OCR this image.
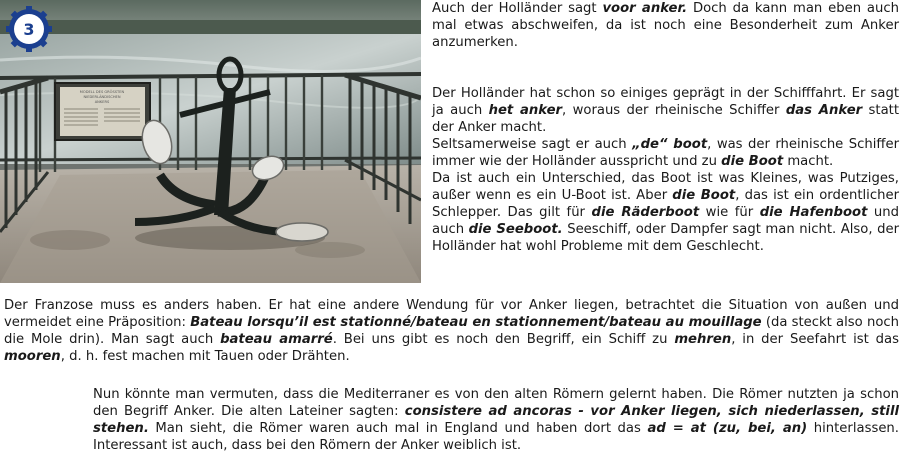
MODELL DES GRÖSSTEN
NIEDERLÄNDISCHEN
ANKERS
3

Auch der Holländer sagt voor anker. Doch da kann man eben auch mal etwas abschweifen, da ist noch eine Besonderheit zum Anker anzumerken.

Der Holländer hat schon so einiges geprägt in der Schifffahrt. Er sagt ja auch het anker, woraus der rheinische Schiffer das Anker statt der Anker macht.

Seltsamerweise sagt er auch „de“ boot, was der rheinische Schiffer immer wie der Holländer ausspricht und zu die Boot macht.

Da ist auch ein Unterschied, das Boot ist was Kleines, was Putziges, außer wenn es ein U-Boot ist. Aber die Boot, das ist ein ordentlicher Schlepper. Das gilt für die Räderboot wie für die Hafenboot und auch die Seeboot. Seeschiff, oder Dampfer sagt man nicht. Also, der Holländer hat wohl Probleme mit dem Geschlecht.

Der Franzose muss es anders haben. Er hat eine andere Wendung für vor Anker liegen, betrachtet die Situation von außen und vermeidet eine Präposition: Bateau lorsqu’il est stationné/bateau en stationnement/bateau au mouillage (da steckt also noch die Mole drin). Man sagt auch bateau amarré. Bei uns gibt es noch den Begriff, ein Schiff zu mehren, in der Seefahrt ist das mooren, d. h. fest machen mit Tauen oder Drähten.

Nun könnte man vermuten, dass die Mediterraner es von den alten Römern gelernt haben. Die Römer nutzten ja schon den Begriff Anker. Die alten Lateiner sagten: consistere ad ancoras - vor Anker liegen, sich niederlassen, still stehen. Man sieht, die Römer waren auch mal in England und haben dort das ad = at (zu, bei, an) hinterlassen. Interessant ist auch, dass bei den Römern der Anker weiblich ist.
